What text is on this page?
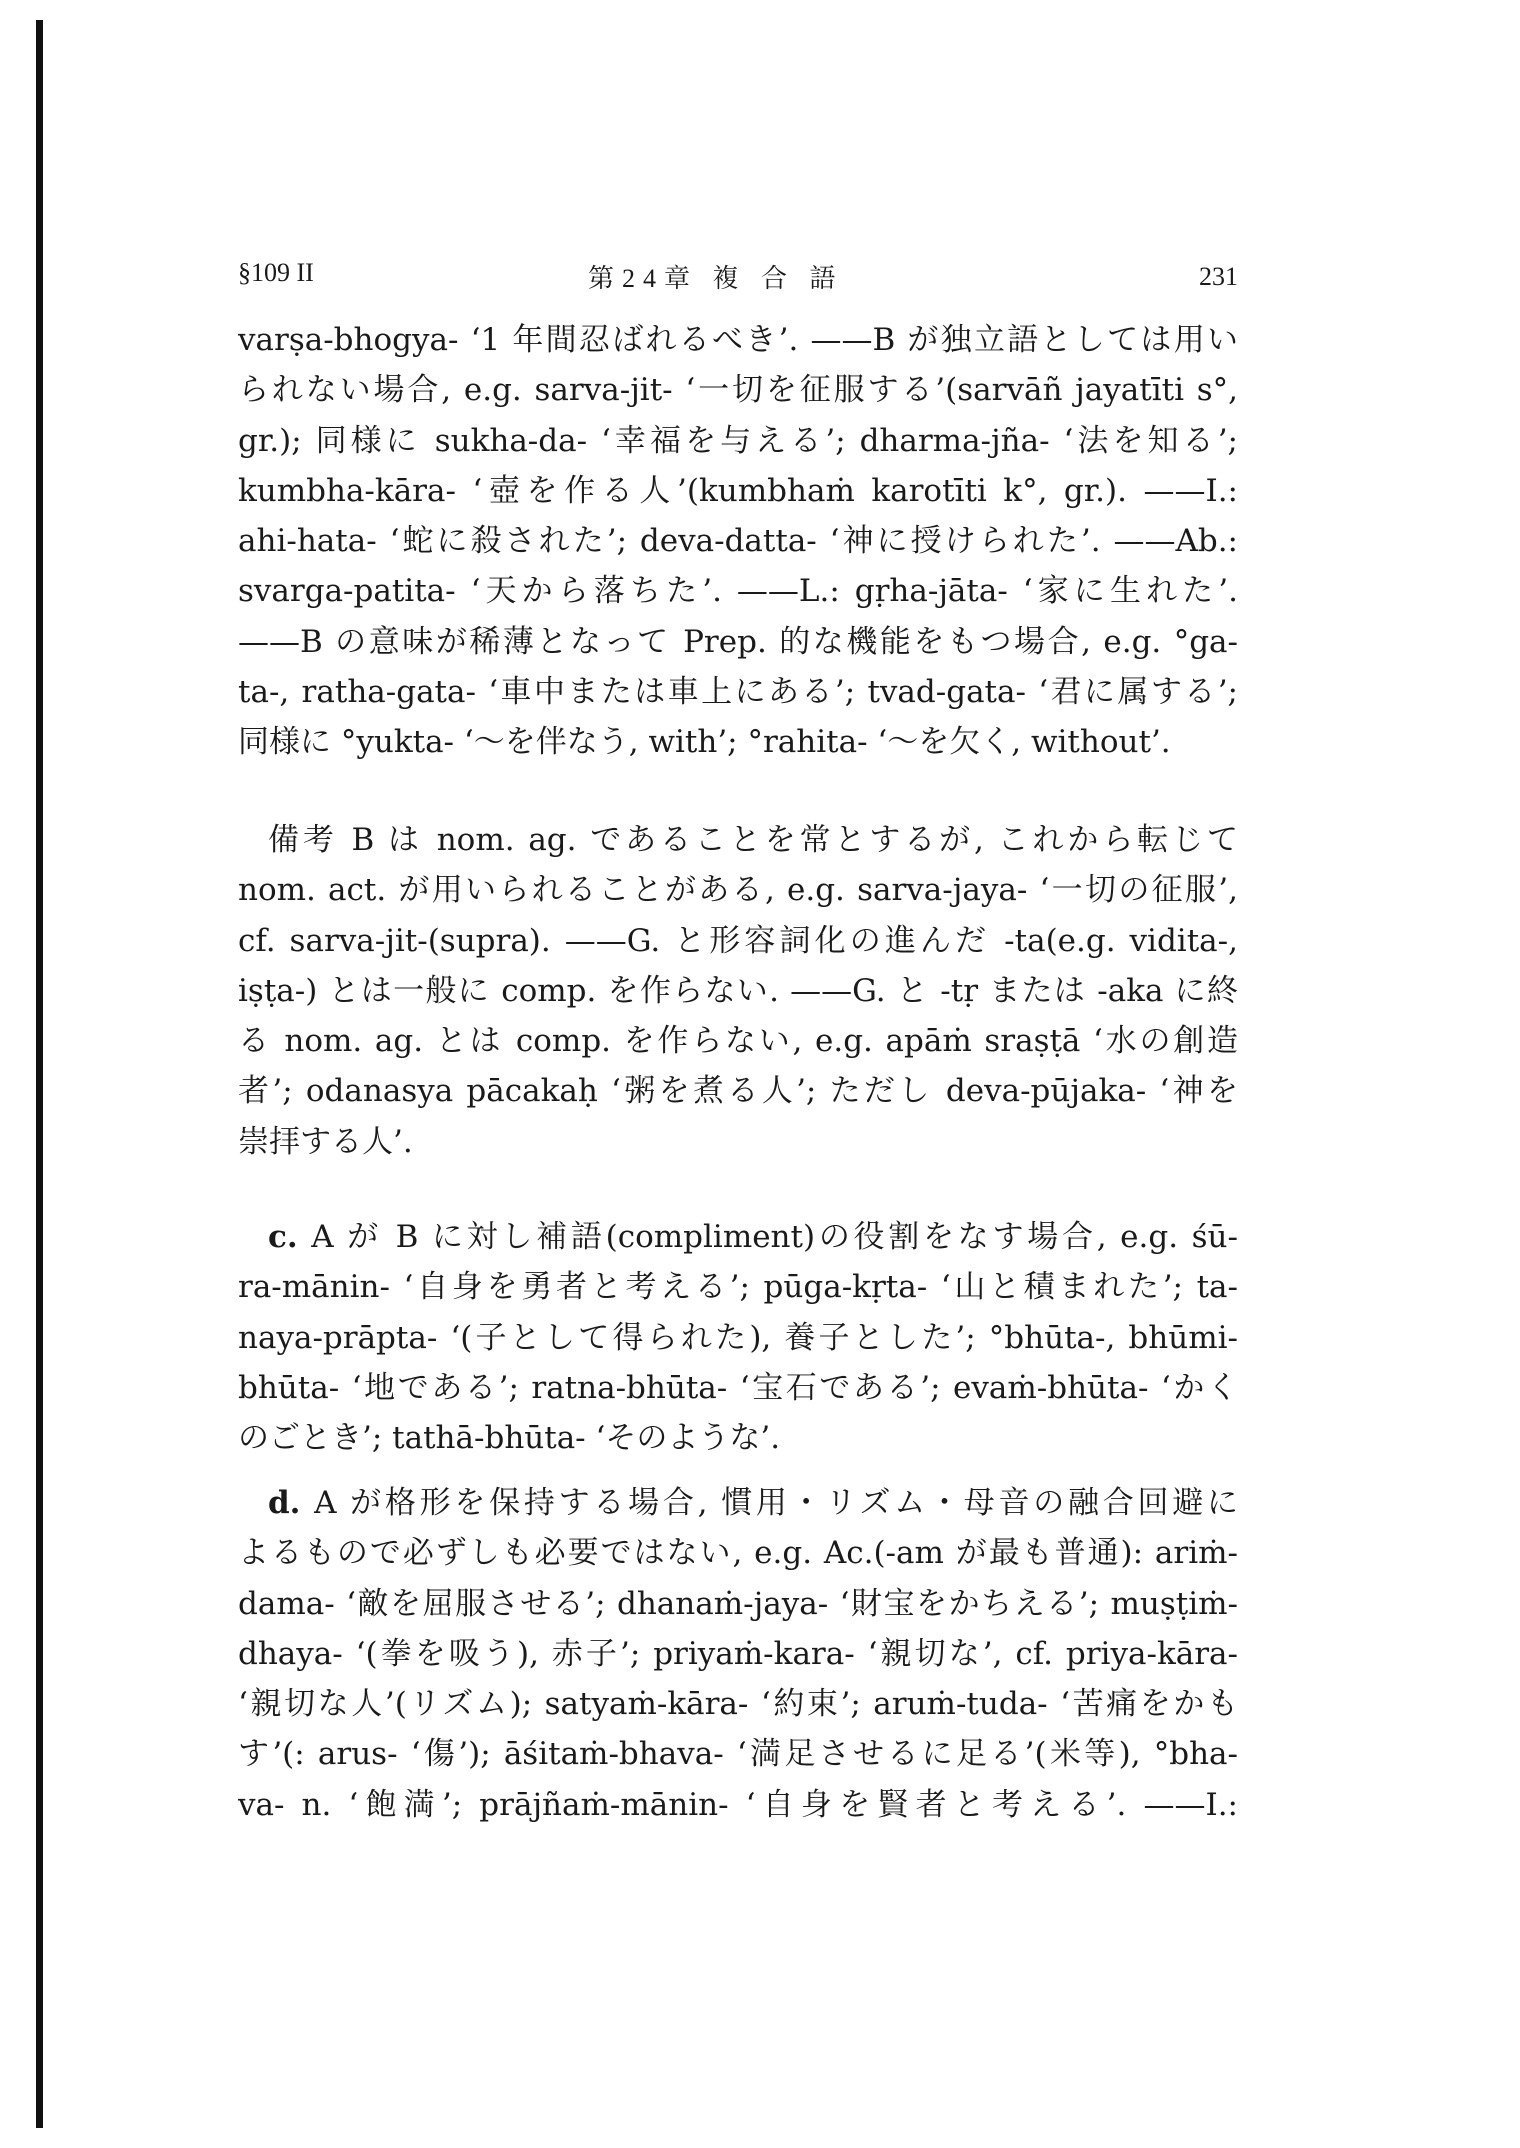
§109 II	第24章 複 合 語	231
varṣa-bhogya- ‘1 年間忍ばれるべき’. ——B が独立語としては用い
られない場合, e.g. sarva-jit- ‘一切を征服する’(sarvāñ jayatīti s°,
gr.); 同様に sukha-da- ‘幸福を与える’; dharma-jña- ‘法を知る’;
kumbha-kāra- ‘壺を作る人’(kumbhaṁ karotīti k°, gr.). ——I.:
ahi-hata- ‘蛇に殺された’; deva-datta- ‘神に授けられた’. ——Ab.:
svarga-patita- ‘天から落ちた’. ——L.: gṛha-jāta- ‘家に生れた’.
——B の意味が稀薄となって Prep. 的な機能をもつ場合, e.g. °ga-
ta-, ratha-gata- ‘車中または車上にある’; tvad-gata- ‘君に属する’;
同様に °yukta- ‘～を伴なう, with’; °rahita- ‘～を欠く, without’.
備考 B は nom. ag. であることを常とするが, これから転じて
nom. act. が用いられることがある, e.g. sarva-jaya- ‘一切の征服’,
cf. sarva-jit-(supra). ——G. と形容詞化の進んだ -ta(e.g. vidita-,
iṣṭa-) とは一般に comp. を作らない. ——G. と -tṛ または -aka に終
る nom. ag. とは comp. を作らない, e.g. apāṁ sraṣṭā ‘水の創造
者’; odanasya pācakaḥ ‘粥を煮る人’; ただし deva-pūjaka- ‘神を
崇拝する人’.
c. A が B に対し補語(compliment)の役割をなす場合, e.g. śū-
ra-mānin- ‘自身を勇者と考える’; pūga-kṛta- ‘山と積まれた’; ta-
naya-prāpta- ‘(子として得られた), 養子とした’; °bhūta-, bhūmi-
bhūta- ‘地である’; ratna-bhūta- ‘宝石である’; evaṁ-bhūta- ‘かく
のごとき’; tathā-bhūta- ‘そのような’.
d. A が格形を保持する場合, 慣用・リズム・母音の融合回避に
よるもので必ずしも必要ではない, e.g. Ac.(-am が最も普通): ariṁ-
dama- ‘敵を屈服させる’; dhanaṁ-jaya- ‘財宝をかちえる’; muṣṭiṁ-
dhaya- ‘(拳を吸う), 赤子’; priyaṁ-kara- ‘親切な’, cf. priya-kāra-
‘親切な人’(リズム); satyaṁ-kāra- ‘約束’; aruṁ-tuda- ‘苦痛をかも
す’(: arus- ‘傷’); āśitaṁ-bhava- ‘満足させるに足る’(米等), °bha-
va- n. ‘飽満’; prājñaṁ-mānin- ‘自身を賢者と考える’. ——I.:
